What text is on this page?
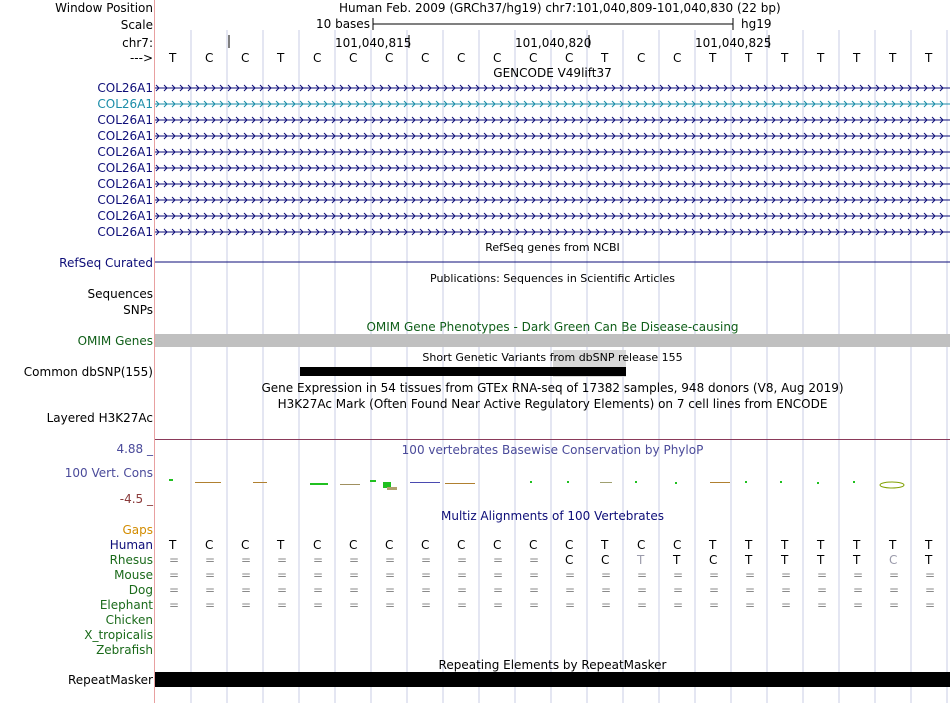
Window Position	Human Feb. 2009 (GRCh37/hg19) chr7:101,040,809-101,040,830 (22 bp)
Scale	10 bases	hg19
chr7:	101,040,815	101,040,820	101,040,825
---> T C C T C C C C C C C C T C C T T T T T T T
GENCODE V49lift37
COL26A1
COL26A1
COL26A1
COL26A1
COL26A1
COL26A1
COL26A1
COL26A1
COL26A1
COL26A1
RefSeq genes from NCBI
RefSeq Curated
Publications: Sequences in Scientific Articles
Sequences
SNPs
OMIM Gene Phenotypes - Dark Green Can Be Disease-causing
OMIM Genes
Short Genetic Variants from dbSNP release 155
Common dbSNP(155)
Gene Expression in 54 tissues from GTEx RNA-seq of 17382 samples, 948 donors (V8, Aug 2019)
H3K27Ac Mark (Often Found Near Active Regulatory Elements) on 7 cell lines from ENCODE
Layered H3K27Ac
4.88 _	100 vertebrates Basewise Conservation by PhyloP
100 Vert. Cons
-4.5 _
Multiz Alignments of 100 Vertebrates
Gaps
Human T C C T C C C C C C C C T C C T T T T T T T
Rhesus = = = = = = = = = = = C C T T C T T T T C T
Mouse = = = = = = = = = = = = = = = = = = = = = =
Dog = = = = = = = = = = = = = = = = = = = = = =
Elephant = = = = = = = = = = = = = = = = = = = = = =
Chicken
X_tropicalis
Zebrafish
Repeating Elements by RepeatMasker
RepeatMasker
